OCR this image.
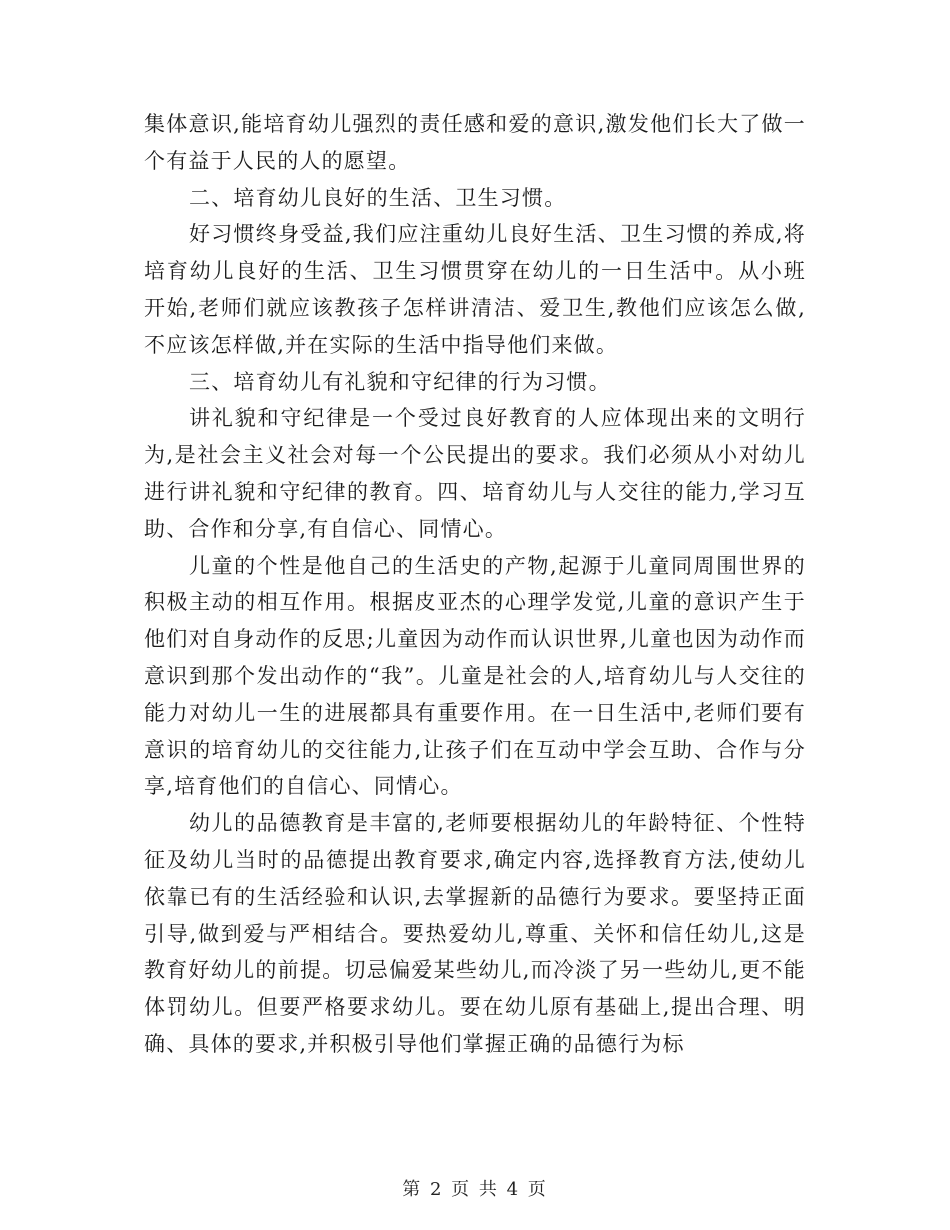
集体意识,能培育幼儿强烈的责任感和爱的意识,激发他们长大了做一个有益于人民的人的愿望。

二、培育幼儿良好的生活、卫生习惯。

好习惯终身受益,我们应注重幼儿良好生活、卫生习惯的养成,将培育幼儿良好的生活、卫生习惯贯穿在幼儿的一日生活中。从小班开始,老师们就应该教孩子怎样讲清洁、爱卫生,教他们应该怎么做,不应该怎样做,并在实际的生活中指导他们来做。

三、培育幼儿有礼貌和守纪律的行为习惯。

讲礼貌和守纪律是一个受过良好教育的人应体现出来的文明行为,是社会主义社会对每一个公民提出的要求。我们必须从小对幼儿进行讲礼貌和守纪律的教育。四、培育幼儿与人交往的能力,学习互助、合作和分享,有自信心、同情心。

儿童的个性是他自己的生活史的产物,起源于儿童同周围世界的积极主动的相互作用。根据皮亚杰的心理学发觉,儿童的意识产生于他们对自身动作的反思;儿童因为动作而认识世界,儿童也因为动作而意识到那个发出动作的“我”。儿童是社会的人,培育幼儿与人交往的能力对幼儿一生的进展都具有重要作用。在一日生活中,老师们要有意识的培育幼儿的交往能力,让孩子们在互动中学会互助、合作与分享,培育他们的自信心、同情心。

幼儿的品德教育是丰富的,老师要根据幼儿的年龄特征、个性特征及幼儿当时的品德提出教育要求,确定内容,选择教育方法,使幼儿依靠已有的生活经验和认识,去掌握新的品德行为要求。要坚持正面引导,做到爱与严相结合。要热爱幼儿,尊重、关怀和信任幼儿,这是教育好幼儿的前提。切忌偏爱某些幼儿,而冷淡了另一些幼儿,更不能体罚幼儿。但要严格要求幼儿。要在幼儿原有基础上,提出合理、明确、具体的要求,并积极引导他们掌握正确的品德行为标

第 2 页 共 4 页
